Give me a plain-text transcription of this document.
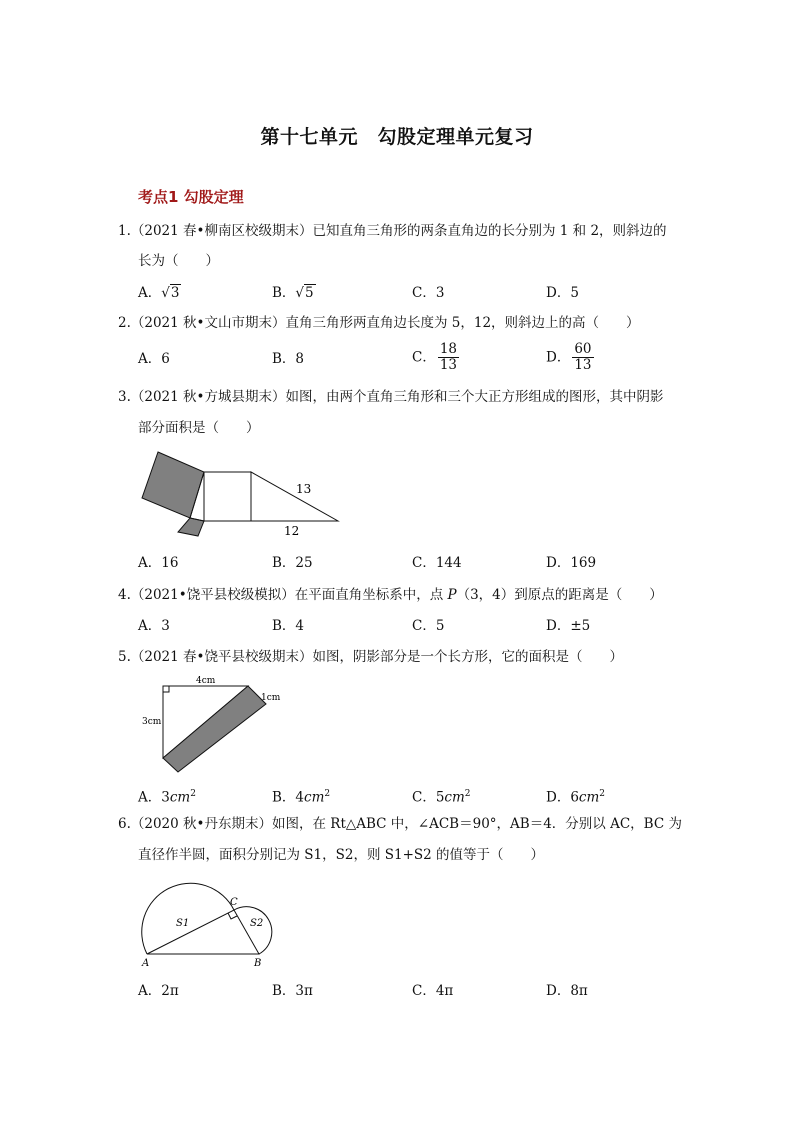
第十七单元　勾股定理单元复习
考点1 勾股定理
1.（2021 春•柳南区校级期末）已知直角三角形的两条直角边的长分别为 1 和 2，则斜边的
长为（　　）
A．√3	B．√5	C．3	D．5
2.（2021 秋•文山市期末）直角三角形两直角边长度为 5，12，则斜边上的高（　　）
A．6	B．8	C． $\frac{18}{13}$	D． $\frac{60}{13}$
3.（2021 秋•方城县期末）如图，由两个直角三角形和三个大正方形组成的图形，其中阴影
部分面积是（　　）
13
12
A．16	B．25	C．144	D．169
4.（2021•饶平县校级模拟）在平面直角坐标系中，点 P（3，4）到原点的距离是（　　）
A．3	B．4	C．5	D．±5
5.（2021 春•饶平县校级期末）如图，阴影部分是一个长方形，它的面积是（　　）
4cm
3cm
1cm
A．$3cm^2$	B．$4cm^2$	C．$5cm^2$	D．$6cm^2$
6.（2020 秋•丹东期末）如图，在 Rt△ABC 中，∠ACB＝90°，AB＝4．分别以 AC，BC 为
直径作半圆，面积分别记为 S1，S2，则 S1+S2 的值等于（　　）
A	B
C
S1	S2
A．2π	B．3π	C．4π	D．8π
